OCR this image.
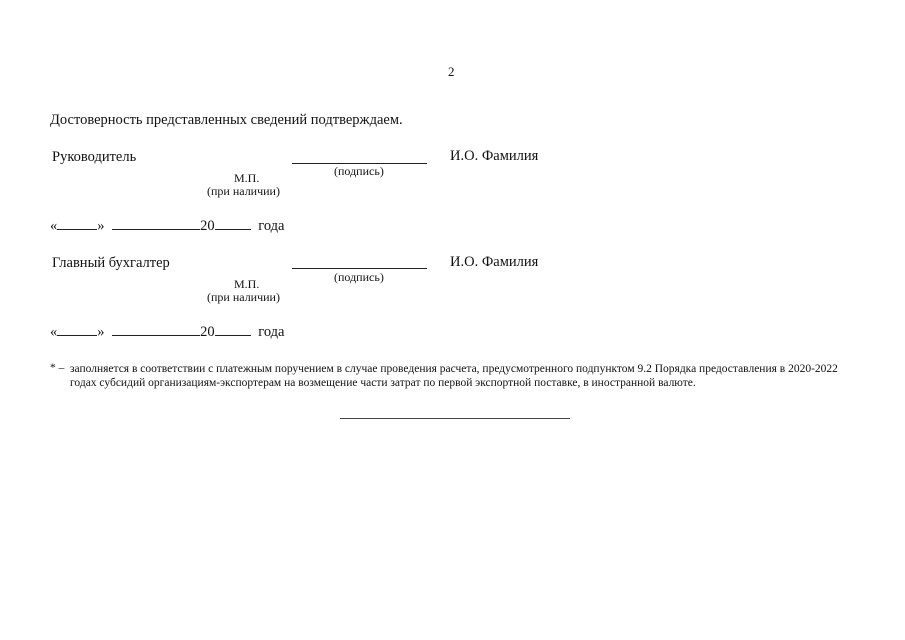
2
Достоверность представленных сведений подтверждаем.
Руководитель	И.О. Фамилия
(подпись)
М.П.
(при наличии)
«	»	20	года
Главный бухгалтер	И.О. Фамилия
(подпись)
М.П.
(при наличии)
«	»	20	года
* – заполняется в соответствии с платежным поручением в случае проведения расчета, предусмотренного подпунктом 9.2 Порядка предоставления в 2020-2022 годах субсидий организациям-экспортерам на возмещение части затрат по первой экспортной поставке, в иностранной валюте.
